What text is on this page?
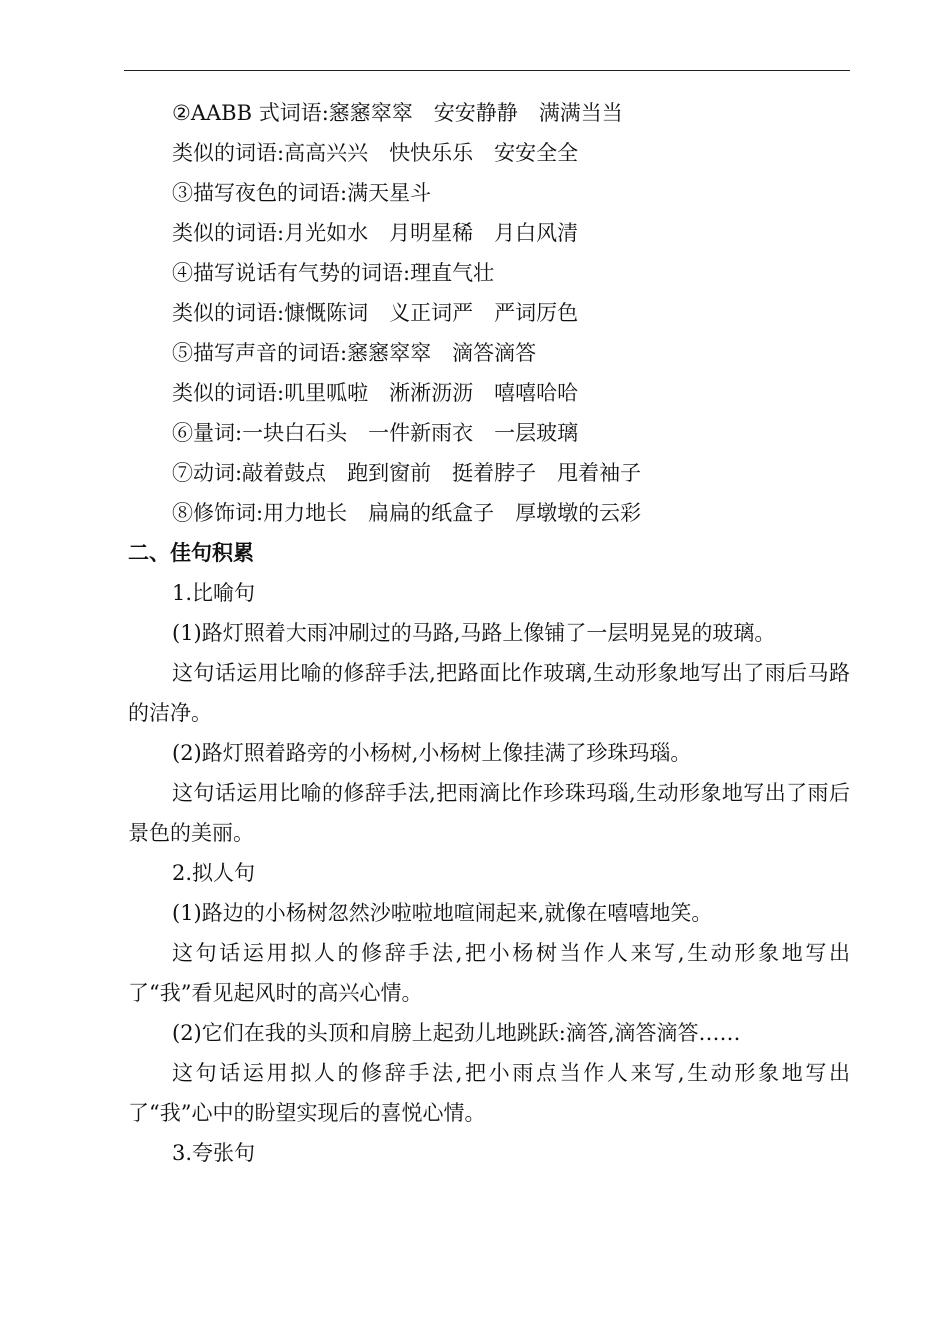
②AABB 式词语:窸窸窣窣　安安静静　满满当当

类似的词语:高高兴兴　快快乐乐　安安全全

③描写夜色的词语:满天星斗

类似的词语:月光如水　月明星稀　月白风清

④描写说话有气势的词语:理直气壮

类似的词语:慷慨陈词　义正词严　严词厉色

⑤描写声音的词语:窸窸窣窣　滴答滴答

类似的词语:叽里呱啦　淅淅沥沥　嘻嘻哈哈

⑥量词:一块白石头　一件新雨衣　一层玻璃

⑦动词:敲着鼓点　跑到窗前　挺着脖子　甩着袖子

⑧修饰词:用力地长　扁扁的纸盒子　厚墩墩的云彩

二、佳句积累

1.比喻句

(1)路灯照着大雨冲刷过的马路,马路上像铺了一层明晃晃的玻璃。

这句话运用比喻的修辞手法,把路面比作玻璃,生动形象地写出了雨后马路的洁净。

(2)路灯照着路旁的小杨树,小杨树上像挂满了珍珠玛瑙。

这句话运用比喻的修辞手法,把雨滴比作珍珠玛瑙,生动形象地写出了雨后景色的美丽。

2.拟人句

(1)路边的小杨树忽然沙啦啦地喧闹起来,就像在嘻嘻地笑。

这句话运用拟人的修辞手法,把小杨树当作人来写,生动形象地写出了“我”看见起风时的高兴心情。

(2)它们在我的头顶和肩膀上起劲儿地跳跃:滴答,滴答滴答……

这句话运用拟人的修辞手法,把小雨点当作人来写,生动形象地写出了“我”心中的盼望实现后的喜悦心情。

3.夸张句
